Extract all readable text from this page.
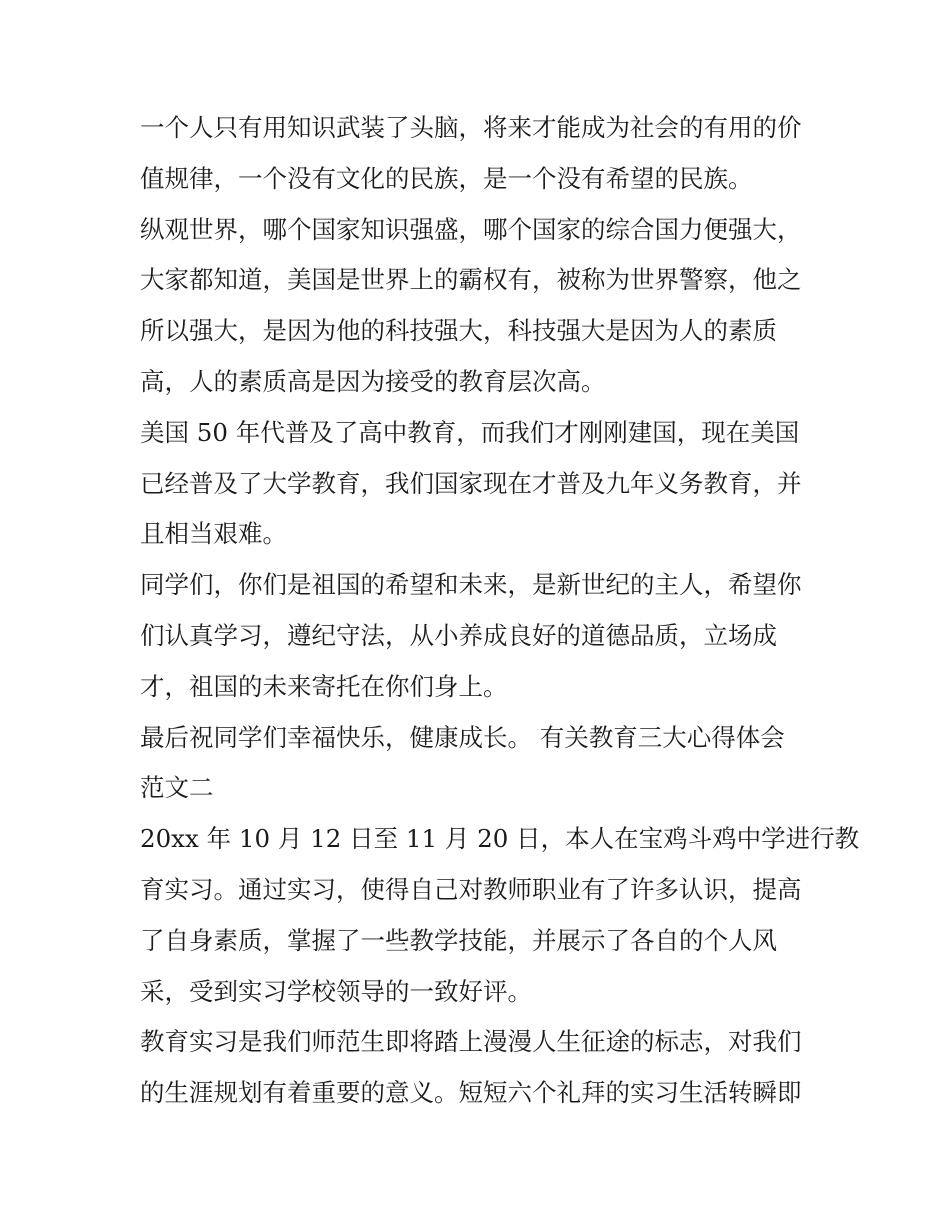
一个人只有用知识武装了头脑，将来才能成为社会的有用的价

值规律，一个没有文化的民族，是一个没有希望的民族。

纵观世界，哪个国家知识强盛，哪个国家的综合国力便强大，

大家都知道，美国是世界上的霸权有，被称为世界警察，他之

所以强大，是因为他的科技强大，科技强大是因为人的素质

高，人的素质高是因为接受的教育层次高。

美国 50 年代普及了高中教育，而我们才刚刚建国，现在美国

已经普及了大学教育，我们国家现在才普及九年义务教育，并

且相当艰难。

同学们，你们是祖国的希望和未来，是新世纪的主人，希望你

们认真学习，遵纪守法，从小养成良好的道德品质，立场成

才，祖国的未来寄托在你们身上。

最后祝同学们幸福快乐，健康成长。 有关教育三大心得体会

范文二

20xx 年 10 月 12 日至 11 月 20 日，本人在宝鸡斗鸡中学进行教

育实习。通过实习，使得自己对教师职业有了许多认识，提高

了自身素质，掌握了一些教学技能，并展示了各自的个人风

采，受到实习学校领导的一致好评。

教育实习是我们师范生即将踏上漫漫人生征途的标志，对我们

的生涯规划有着重要的意义。短短六个礼拜的实习生活转瞬即
